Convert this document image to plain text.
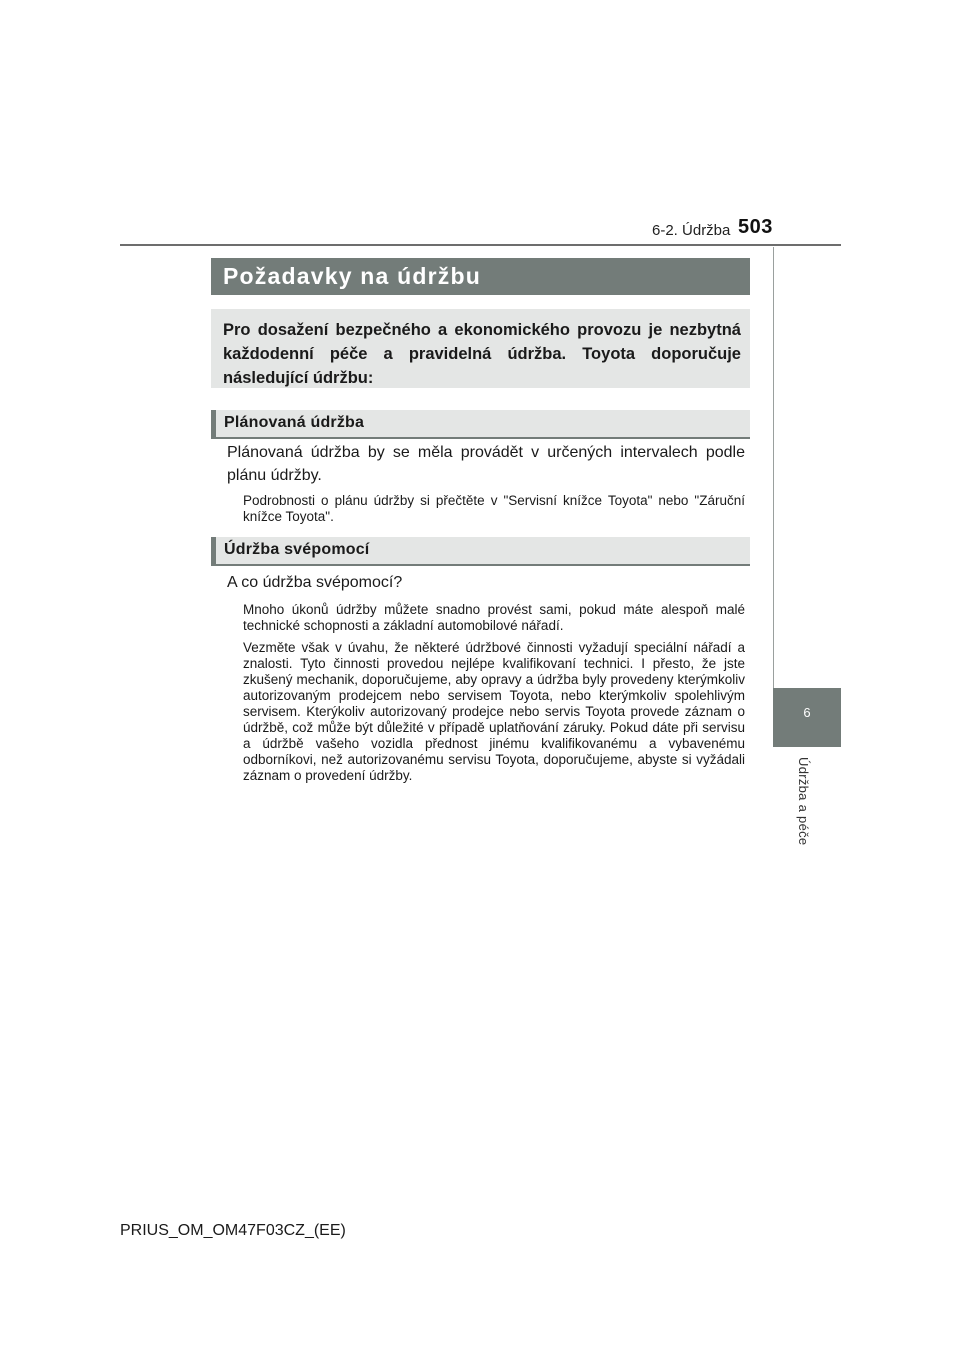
6-2. Údržba 503
6
Údržba a péče
Požadavky na údržbu
Pro dosažení bezpečného a ekonomického provozu je nezbytná každodenní péče a pravidelná údržba. Toyota doporučuje následující údržbu:
Plánovaná údržba
Plánovaná údržba by se měla provádět v určených intervalech podle plánu údržby.
Podrobnosti o plánu údržby si přečtěte v "Servisní knížce Toyota" nebo "Záruční knížce Toyota".
Údržba svépomocí
A co údržba svépomocí?
Mnoho úkonů údržby můžete snadno provést sami, pokud máte alespoň malé technické schopnosti a základní automobilové nářadí.
Vezměte však v úvahu, že některé údržbové činnosti vyžadují speciální nářadí a znalosti. Tyto činnosti provedou nejlépe kvalifikovaní technici. I přesto, že jste zkušený mechanik, doporučujeme, aby opravy a údržba byly provedeny kterýmkoliv autorizovaným prodejcem nebo servisem Toyota, nebo kterýmkoliv spolehlivým servisem. Kterýkoliv autorizovaný prodejce nebo servis Toyota provede záznam o údržbě, což může být důležité v případě uplatňování záruky. Pokud dáte při servisu a údržbě vašeho vozidla přednost jinému kvalifikovanému a vybavenému odborníkovi, než autorizovanému servisu Toyota, doporučujeme, abyste si vyžádali záznam o provedení údržby.
PRIUS_OM_OM47F03CZ_(EE)
